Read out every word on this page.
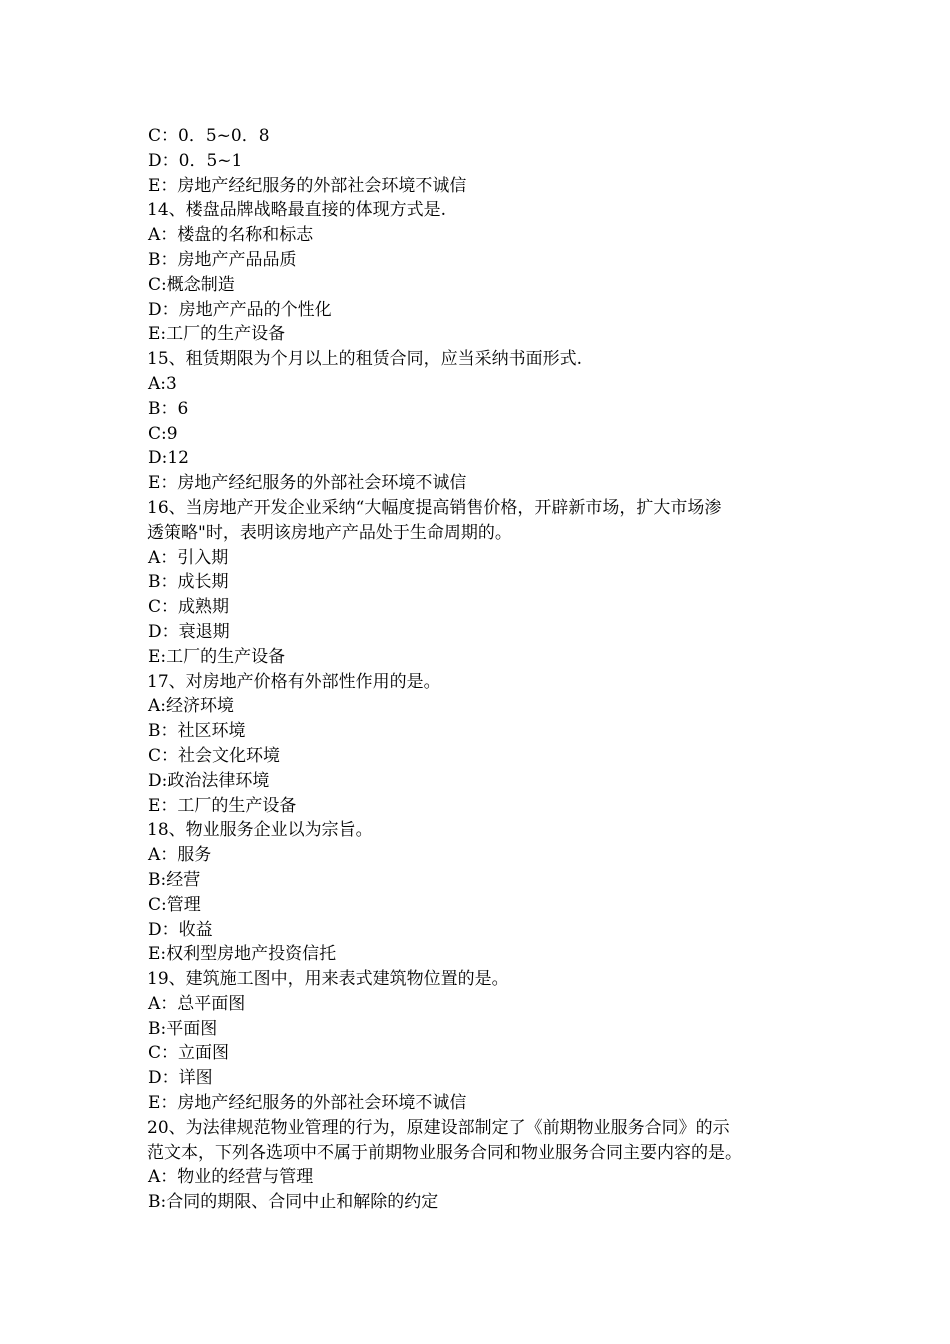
C：0．5~0．8
D：0．5~1
E：房地产经纪服务的外部社会环境不诚信
14、楼盘品牌战略最直接的体现方式是.
A：楼盘的名称和标志
B：房地产产品品质
C:概念制造
D：房地产产品的个性化
E:工厂的生产设备
15、租赁期限为个月以上的租赁合同，应当采纳书面形式.
A:3
B：6
C:9
D:12
E：房地产经纪服务的外部社会环境不诚信
16、当房地产开发企业采纳“大幅度提高销售价格，开辟新市场，扩大市场渗
透策略"时，表明该房地产产品处于生命周期的。
A：引入期
B：成长期
C：成熟期
D：衰退期
E:工厂的生产设备
17、对房地产价格有外部性作用的是。
A:经济环境
B：社区环境
C：社会文化环境
D:政治法律环境
E：工厂的生产设备
18、物业服务企业以为宗旨。
A：服务
B:经营
C:管理
D：收益
E:权利型房地产投资信托
19、建筑施工图中，用来表式建筑物位置的是。
A：总平面图
B:平面图
C：立面图
D：详图
E：房地产经纪服务的外部社会环境不诚信
20、为法律规范物业管理的行为，原建设部制定了《前期物业服务合同》的示
范文本，下列各选项中不属于前期物业服务合同和物业服务合同主要内容的是。
A：物业的经营与管理
B:合同的期限、合同中止和解除的约定
